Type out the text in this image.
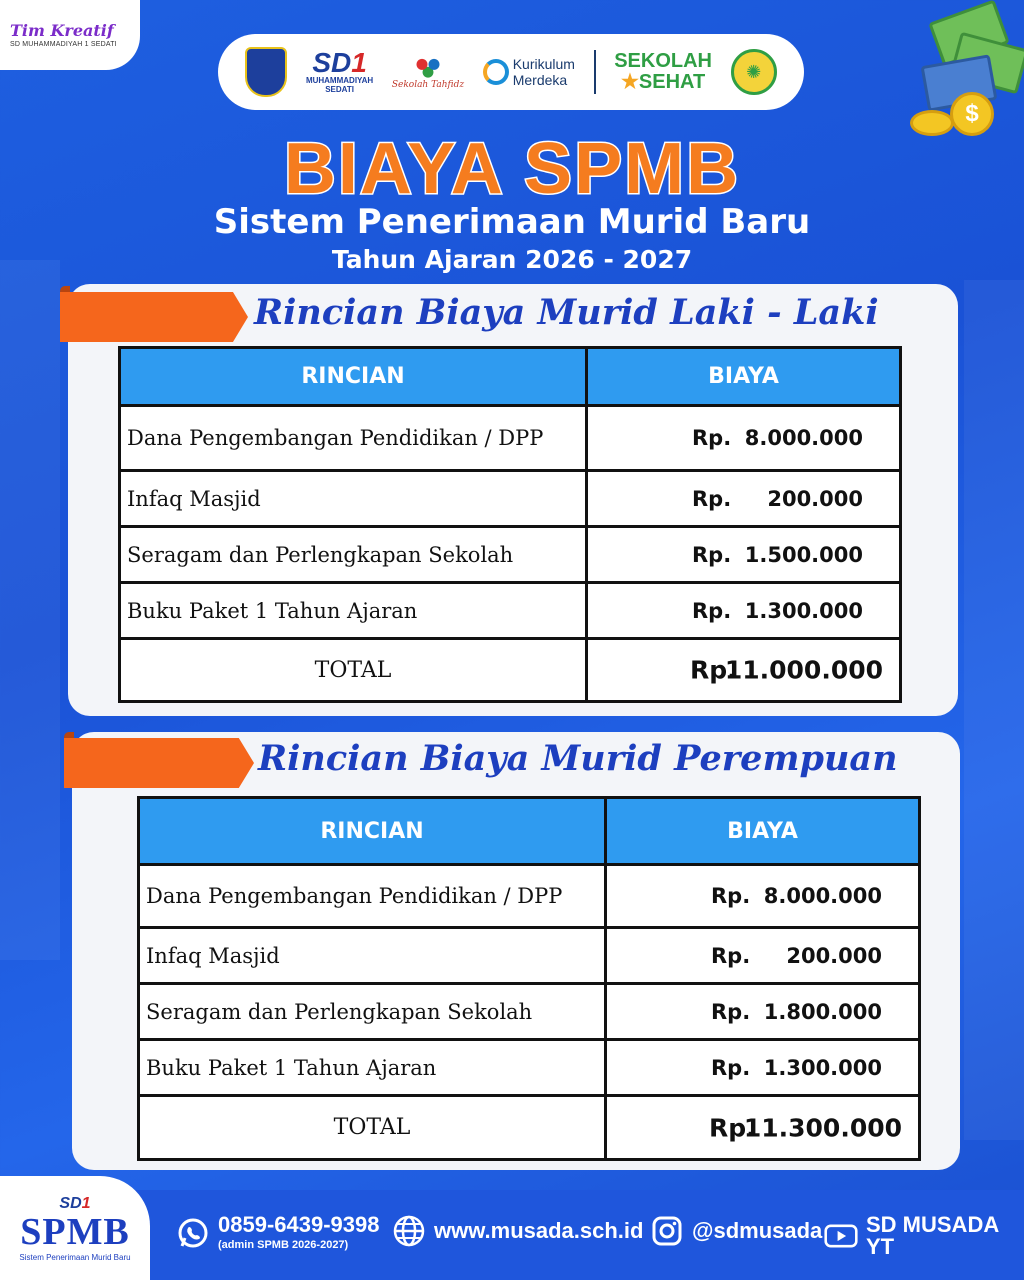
Tim Kreatif
SD MUHAMMADIYAH 1 SEDATI
SD1
MUHAMMADIYAH
SEDATI	Sekolah Tahfidz
Kurikulum
Merdeka
SEKOLAH
★SEHAT	✺
$
BIAYA SPMB
Sistem Penerimaan Murid Baru
Tahun Ajaran 2026 - 2027
Rincian Biaya Murid Laki - Laki
RINCIAN	BIAYA
Dana Pengembangan Pendidikan / DPP	Rp. 8.000.000

Infaq Masjid	Rp. 200.000

Seragam dan Perlengkapan Sekolah	Rp. 1.500.000

Buku Paket 1 Tahun Ajaran	Rp. 1.300.000

TOTAL	Rp.
11.000.000
Rincian Biaya Murid Perempuan
RINCIAN	BIAYA
Dana Pengembangan Pendidikan / DPP	Rp. 8.000.000

Infaq Masjid	Rp. 200.000

Seragam dan Perlengkapan Sekolah	Rp. 1.800.000

Buku Paket 1 Tahun Ajaran	Rp. 1.300.000

TOTAL	Rp.
11.300.000
SD1
SPMB
Sistem Penerimaan Murid Baru
0859-6439-9398
(admin SPMB 2026-2027)
www.musada.sch.id @sdmusada SD MUSADA YT
